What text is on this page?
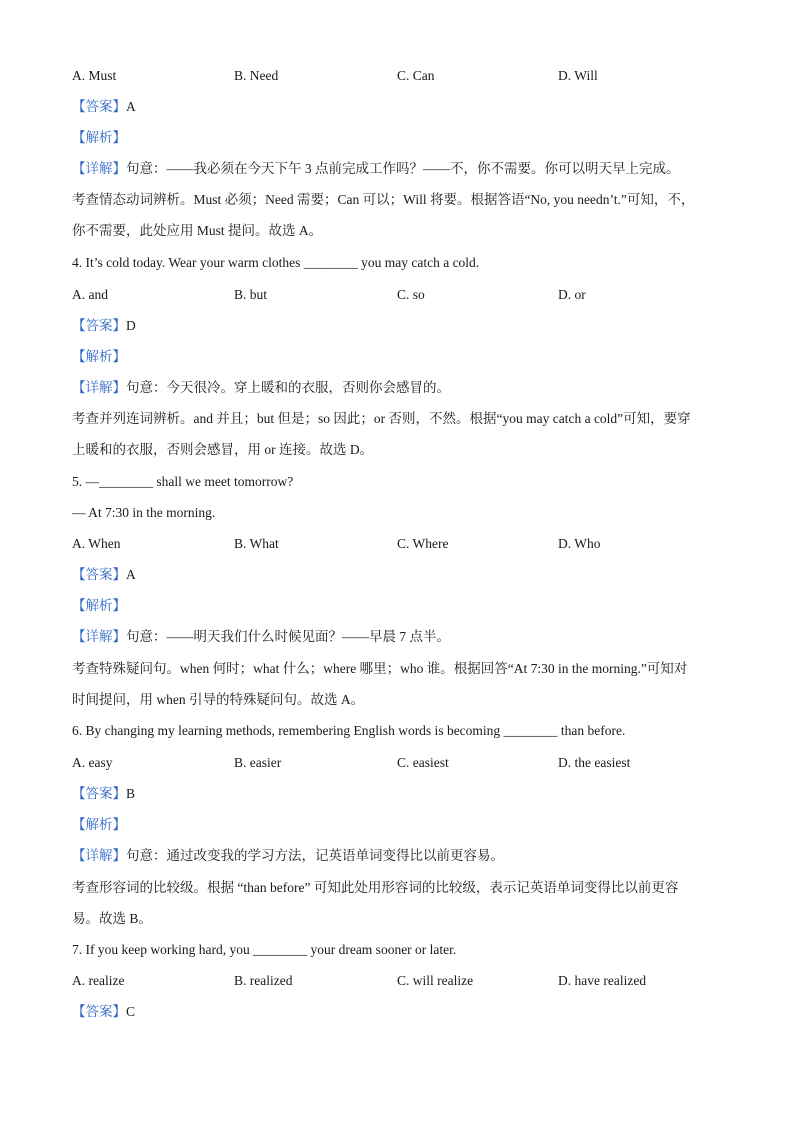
A. Must	B. Need	C. Can	D. Will
【答案】A
【解析】
【详解】句意：——我必须在今天下午 3 点前完成工作吗？——不，你不需要。你可以明天早上完成。
考查情态动词辨析。Must 必须；Need 需要；Can 可以；Will 将要。根据答语“No, you needn’t.”可知，不，
你不需要，此处应用 Must 提问。故选 A。
4. It’s cold today. Wear your warm clothes ________ you may catch a cold.
A. and	B. but	C. so	D. or
【答案】D
【解析】
【详解】句意：今天很冷。穿上暖和的衣服，否则你会感冒的。
考查并列连词辨析。and 并且；but 但是；so 因此；or 否则，不然。根据“you may catch a cold”可知，要穿
上暖和的衣服，否则会感冒，用 or 连接。故选 D。
5. —________ shall we meet tomorrow?
— At 7:30 in the morning.
A. When	B. What	C. Where	D. Who
【答案】A
【解析】
【详解】句意：——明天我们什么时候见面？——早晨 7 点半。
考查特殊疑问句。when 何时；what 什么；where 哪里；who 谁。根据回答“At 7:30 in the morning.”可知对
时间提问，用 when 引导的特殊疑问句。故选 A。
6. By changing my learning methods, remembering English words is becoming ________ than before.
A. easy	B. easier	C. easiest	D. the easiest
【答案】B
【解析】
【详解】句意：通过改变我的学习方法，记英语单词变得比以前更容易。
考查形容词的比较级。根据 “than before” 可知此处用形容词的比较级，表示记英语单词变得比以前更容
易。故选 B。
7. If you keep working hard, you ________ your dream sooner or later.
A. realize	B. realized	C. will realize	D. have realized
【答案】C
